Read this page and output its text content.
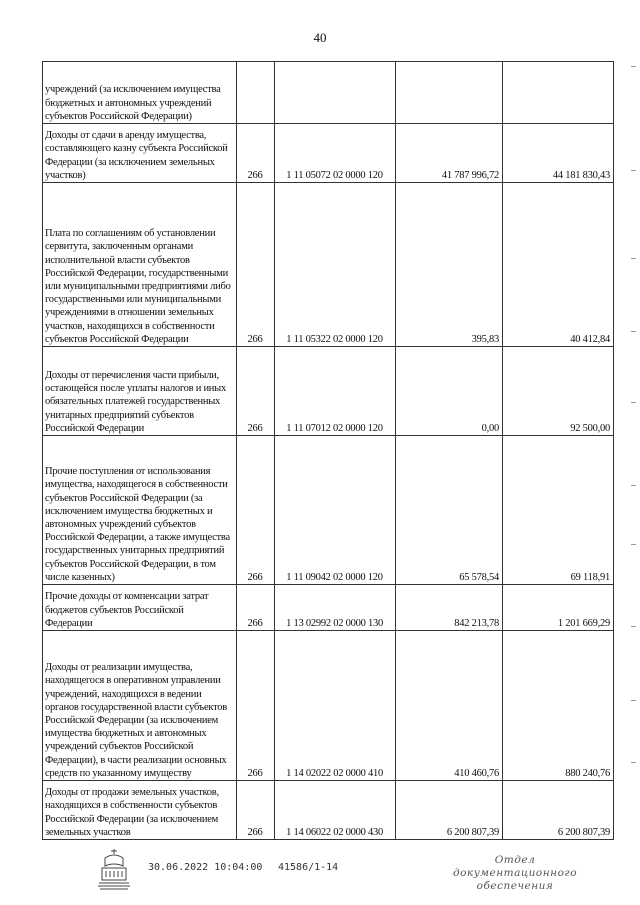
40
учреждений (за исключением имущества бюджетных и автономных учреждений субъектов Российской Федерации)				
Доходы от сдачи в аренду имущества, составляющего казну субъекта Российской Федерации (за исключением земельных участков)	266	1 11 05072 02 0000 120	41 787 996,72	44 181 830,43
Плата по соглашениям об установлении сервитута, заключенным органами исполнительной власти субъектов Российской Федерации, государственными или муниципальными предприятиями либо государственными или муниципальными учреждениями в отношении земельных участков, находящихся в собственности субъектов Российской Федерации	266	1 11 05322 02 0000 120	395,83	40 412,84
Доходы от перечисления части прибыли, остающейся после уплаты налогов и иных обязательных платежей государственных унитарных предприятий субъектов Российской Федерации	266	1 11 07012 02 0000 120	0,00	92 500,00
Прочие поступления от использования имущества, находящегося в собственности субъектов Российской Федерации (за исключением имущества бюджетных и автономных учреждений субъектов Российской Федерации, а также имущества государственных унитарных предприятий субъектов Российской Федерации, в том числе казенных)	266	1 11 09042 02 0000 120	65 578,54	69 118,91
Прочие доходы от компенсации затрат бюджетов субъектов Российской Федерации	266	1 13 02992 02 0000 130	842 213,78	1 201 669,29
Доходы от реализации имущества, находящегося в оперативном управлении учреждений, находящихся в ведении органов государственной власти субъектов Российской Федерации (за исключением имущества бюджетных и автономных учреждений субъектов Российской Федерации), в части реализации основных средств по указанному имуществу	266	1 14 02022 02 0000 410	410 460,76	880 240,76
Доходы от продажи земельных участков, находящихся в собственности субъектов Российской Федерации (за исключением земельных участков	266	1 14 06022 02 0000 430	6 200 807,39	6 200 807,39
30.06.2022 10:04:00 41586/1-14
Отдел документационного
обеспечения
